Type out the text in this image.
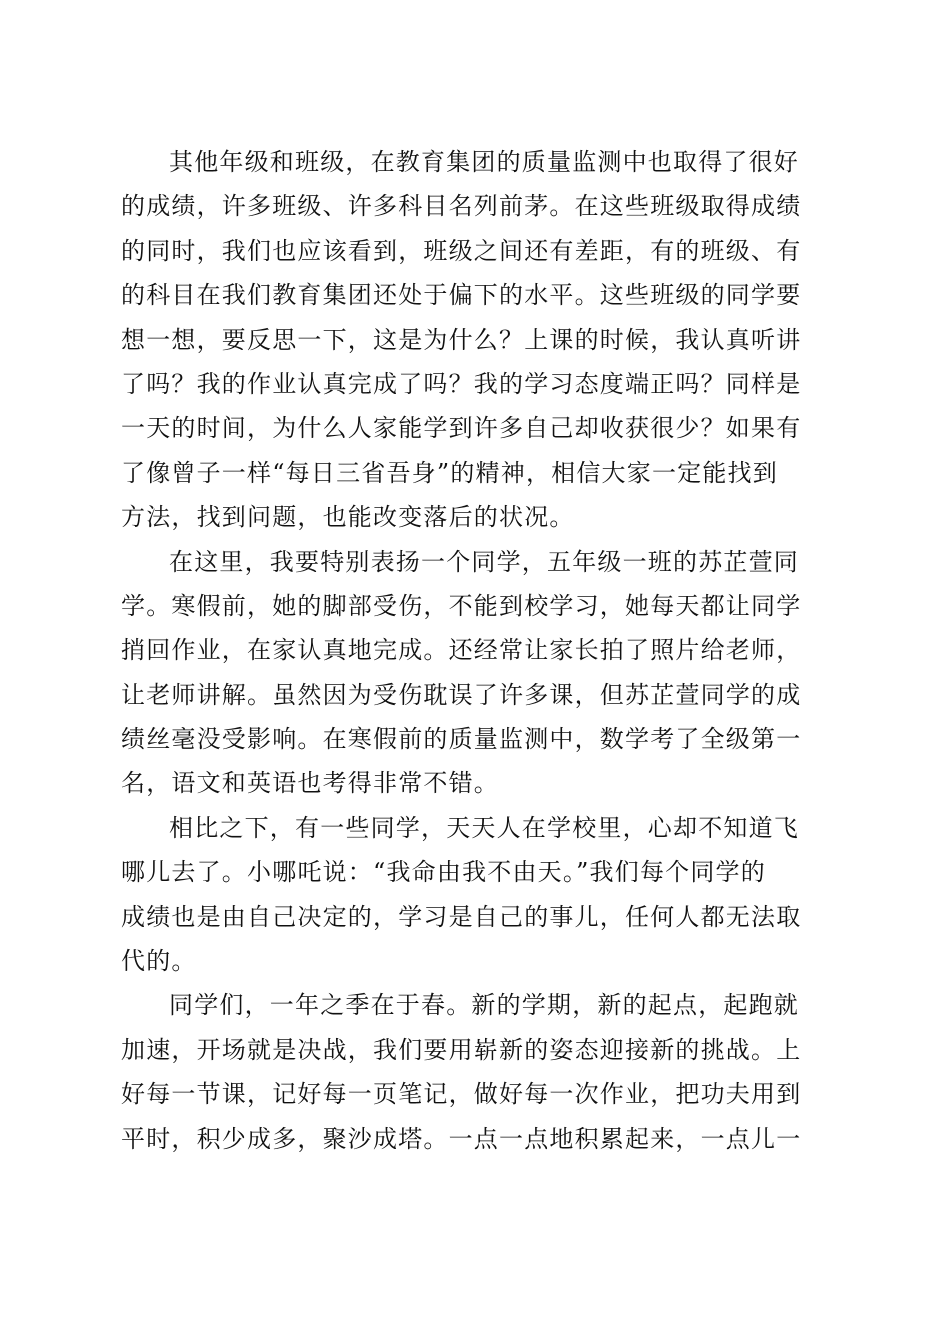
其他年级和班级，在教育集团的质量监测中也取得了很好
的成绩，许多班级、许多科目名列前茅。在这些班级取得成绩
的同时，我们也应该看到，班级之间还有差距，有的班级、有
的科目在我们教育集团还处于偏下的水平。这些班级的同学要
想一想，要反思一下，这是为什么？上课的时候，我认真听讲
了吗？我的作业认真完成了吗？我的学习态度端正吗？同样是
一天的时间，为什么人家能学到许多自己却收获很少？如果有
了像曾子一样“每日三省吾身”的精神，相信大家一定能找到
方法，找到问题，也能改变落后的状况。

在这里，我要特别表扬一个同学，五年级一班的苏芷萱同
学。寒假前，她的脚部受伤，不能到校学习，她每天都让同学
捎回作业，在家认真地完成。还经常让家长拍了照片给老师，
让老师讲解。虽然因为受伤耽误了许多课，但苏芷萱同学的成
绩丝毫没受影响。在寒假前的质量监测中，数学考了全级第一
名，语文和英语也考得非常不错。

相比之下，有一些同学，天天人在学校里，心却不知道飞
哪儿去了。小哪吒说：“我命由我不由天。”我们每个同学的
成绩也是由自己决定的，学习是自己的事儿，任何人都无法取
代的。

同学们，一年之季在于春。新的学期，新的起点，起跑就
加速，开场就是决战，我们要用崭新的姿态迎接新的挑战。上
好每一节课，记好每一页笔记，做好每一次作业，把功夫用到
平时，积少成多，聚沙成塔。一点一点地积累起来，一点儿一
